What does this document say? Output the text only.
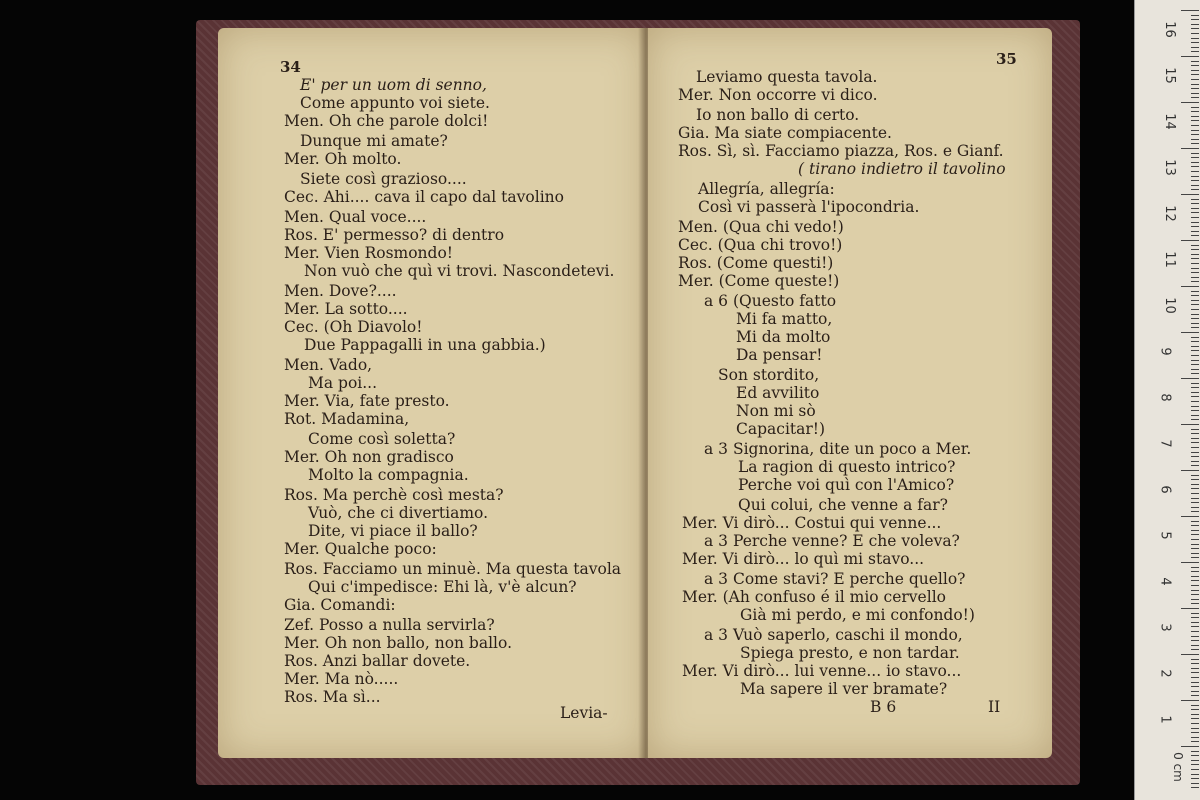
34
E' per un uom di senno,
Come appunto voi siete.
Men. Oh che parole dolci!
Dunque mi amate?
Mer. Oh molto.
Siete così grazioso....
Cec. Ahi.... cava il capo dal tavolino
Men. Qual voce....
Ros. E' permesso? di dentro
Mer. Vien Rosmondo!
Non vuò che quì vi trovi. Nascondetevi.
Men. Dove?....
Mer. La sotto....
Cec. (Oh Diavolo!
Due Pappagalli in una gabbia.)
Men. Vado,
Ma poi...
Mer. Via, fate presto.
Rot. Madamina,
Come così soletta?
Mer. Oh non gradisco
Molto la compagnia.
Ros. Ma perchè così mesta?
Vuò, che ci divertiamo.
Dite, vi piace il ballo?
Mer. Qualche poco:
Ros. Facciamo un minuè. Ma questa tavola
Qui c'impedisce: Ehi là, v'è alcun?
Gia. Comandi:
Zef. Posso a nulla servirla?
Mer. Oh non ballo, non ballo.
Ros. Anzi ballar dovete.
Mer. Ma nò.....
Ros. Ma sì...
Levia-
35
Leviamo questa tavola.
Mer. Non occorre vi dico.
Io non ballo di certo.
Gia. Ma siate compiacente.
Ros. Sì, sì. Facciamo piazza, Ros. e Gianf.
( tirano indietro il tavolino
Allegría, allegría:
Così vi passerà l'ipocondria.
Men. (Qua chi vedo!)
Cec. (Qua chi trovo!)
Ros. (Come questi!)
Mer. (Come queste!)
a 6 (Questo fatto
Mi fa matto,
Mi da molto
Da pensar!
Son stordito,
Ed avvilito
Non mi sò
Capacitar!)
a 3 Signorina, dite un poco a Mer.
La ragion di questo intrico?
Perche voi quì con l'Amico?
Qui colui, che venne a far?
Mer. Vi dirò... Costui qui venne...
a 3 Perche venne? E che voleva?
Mer. Vi dirò... lo quì mi stavo...
a 3 Come stavi? E perche quello?
Mer. (Ah confuso é il mio cervello
Già mi perdo, e mi confondo!)
a 3 Vuò saperlo, caschi il mondo,
Spiega presto, e non tardar.
Mer. Vi dirò... lui venne... io stavo...
Ma sapere il ver bramate?
B 6	II
16
15
14
13
12
11
10
9
8
7
6
5
4
3
2
1
0 cm
